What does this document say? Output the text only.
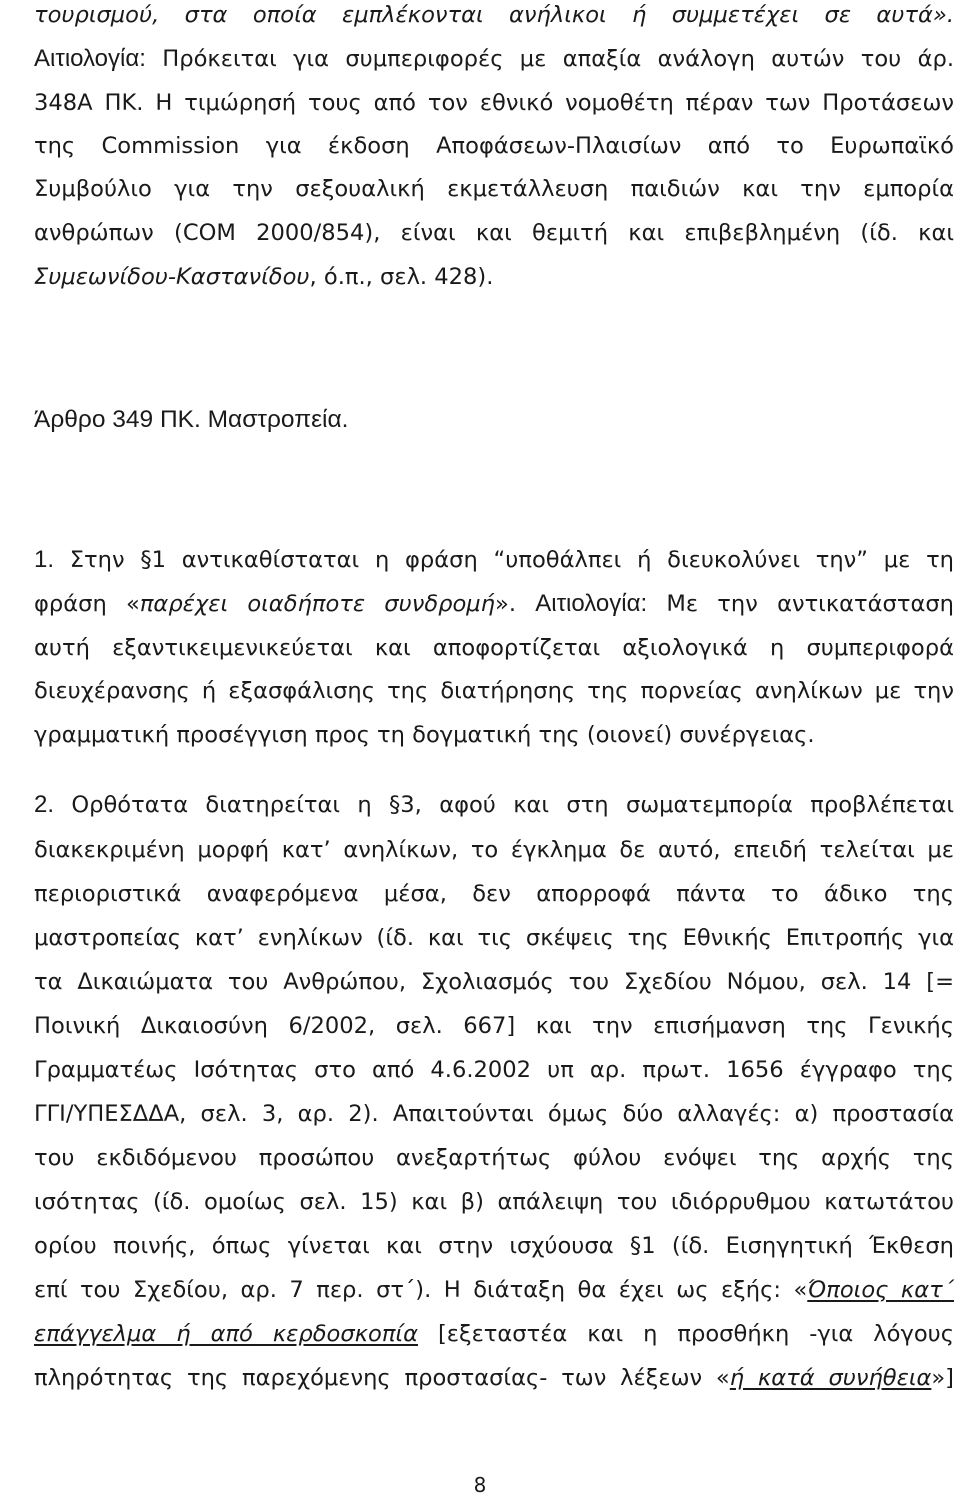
τουρισμού, στα οποία εμπλέκονται ανήλικοι ή συμμετέχει σε αυτά».
Αιτιολογία: Πρόκειται για συμπεριφορές με απαξία ανάλογη αυτών του άρ.
348Α ΠΚ. Η τιμώρησή τους από τον εθνικό νομοθέτη πέραν των Προτάσεων
της Commission για έκδοση Αποφάσεων-Πλαισίων από το Ευρωπαϊκό
Συμβούλιο για την σεξουαλική εκμετάλλευση παιδιών και την εμπορία
ανθρώπων (COM 2000/854), είναι και θεμιτή και επιβεβλημένη (ίδ. και
Συμεωνίδου-Καστανίδου, ό.π., σελ. 428).
Άρθρο 349 ΠΚ. Μαστροπεία.
1. Στην §1 αντικαθίσταται η φράση “υποθάλπει ή διευκολύνει την” με τη
φράση «παρέχει οιαδήποτε συνδρομή». Αιτιολογία: Με την αντικατάσταση
αυτή εξαντικειμενικεύεται και αποφορτίζεται αξιολογικά η συμπεριφορά
διευχέρανσης ή εξασφάλισης της διατήρησης της πορνείας ανηλίκων με την
γραμματική προσέγγιση προς τη δογματική της (οιονεί) συνέργειας.
2. Ορθότατα διατηρείται η §3, αφού και στη σωματεμπορία προβλέπεται
διακεκριμένη μορφή κατ’ ανηλίκων, το έγκλημα δε αυτό, επειδή τελείται με
περιοριστικά αναφερόμενα μέσα, δεν απορροφά πάντα το άδικο της
μαστροπείας κατ’ ενηλίκων (ίδ. και τις σκέψεις της Εθνικής Επιτροπής για
τα Δικαιώματα του Ανθρώπου, Σχολιασμός του Σχεδίου Νόμου, σελ. 14 [=
Ποινική Δικαιοσύνη 6/2002, σελ. 667] και την επισήμανση της Γενικής
Γραμματέως Ισότητας στο από 4.6.2002 υπ αρ. πρωτ. 1656 έγγραφο της
ΓΓΙ/ΥΠΕΣΔΔΑ, σελ. 3, αρ. 2). Απαιτούνται όμως δύο αλλαγές: α) προστασία
του εκδιδόμενου προσώπου ανεξαρτήτως φύλου ενόψει της αρχής της
ισότητας (ίδ. ομοίως σελ. 15) και β) απάλειψη του ιδιόρρυθμου κατωτάτου
ορίου ποινής, όπως γίνεται και στην ισχύουσα §1 (ίδ. Εισηγητική Έκθεση
επί του Σχεδίου, αρ. 7 περ. στ΄). Η διάταξη θα έχει ως εξής: «Όποιος κατ΄
επάγγελμα ή από κερδοσκοπία [εξεταστέα και η προσθήκη -για λόγους
πληρότητας της παρεχόμενης προστασίας- των λέξεων «ή κατά συνήθεια»]
8
